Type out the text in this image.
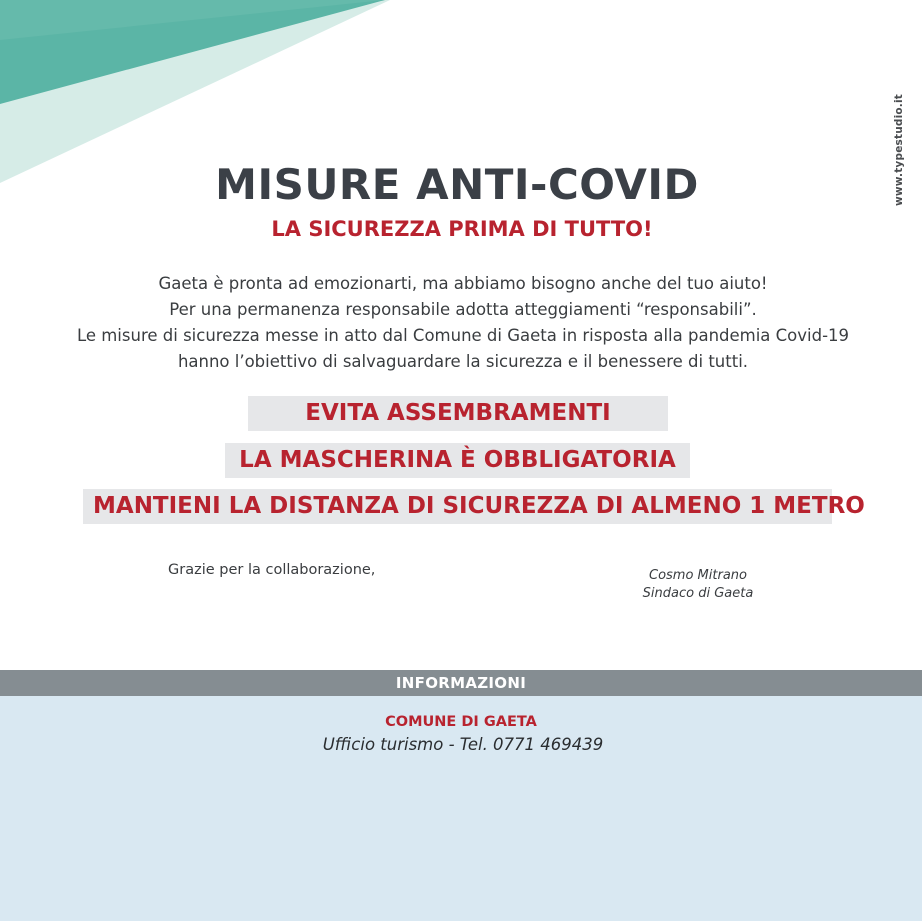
www.typestudio.it
MISURE ANTI-COVID
LA SICUREZZA PRIMA DI TUTTO!
Gaeta è pronta ad emozionarti, ma abbiamo bisogno anche del tuo aiuto!
Per una permanenza responsabile adotta atteggiamenti “responsabili”.
Le misure di sicurezza messe in atto dal Comune di Gaeta in risposta alla pandemia Covid-19
hanno l’obiettivo di salvaguardare la sicurezza e il benessere di tutti.
EVITA ASSEMBRAMENTI
LA MASCHERINA È OBBLIGATORIA
MANTIENI LA DISTANZA DI SICUREZZA DI ALMENO 1 METRO
Grazie per la collaborazione,	Cosmo Mitrano
Sindaco di Gaeta
INFORMAZIONI
COMUNE DI GAETA
Ufficio turismo - Tel. 0771 469439
